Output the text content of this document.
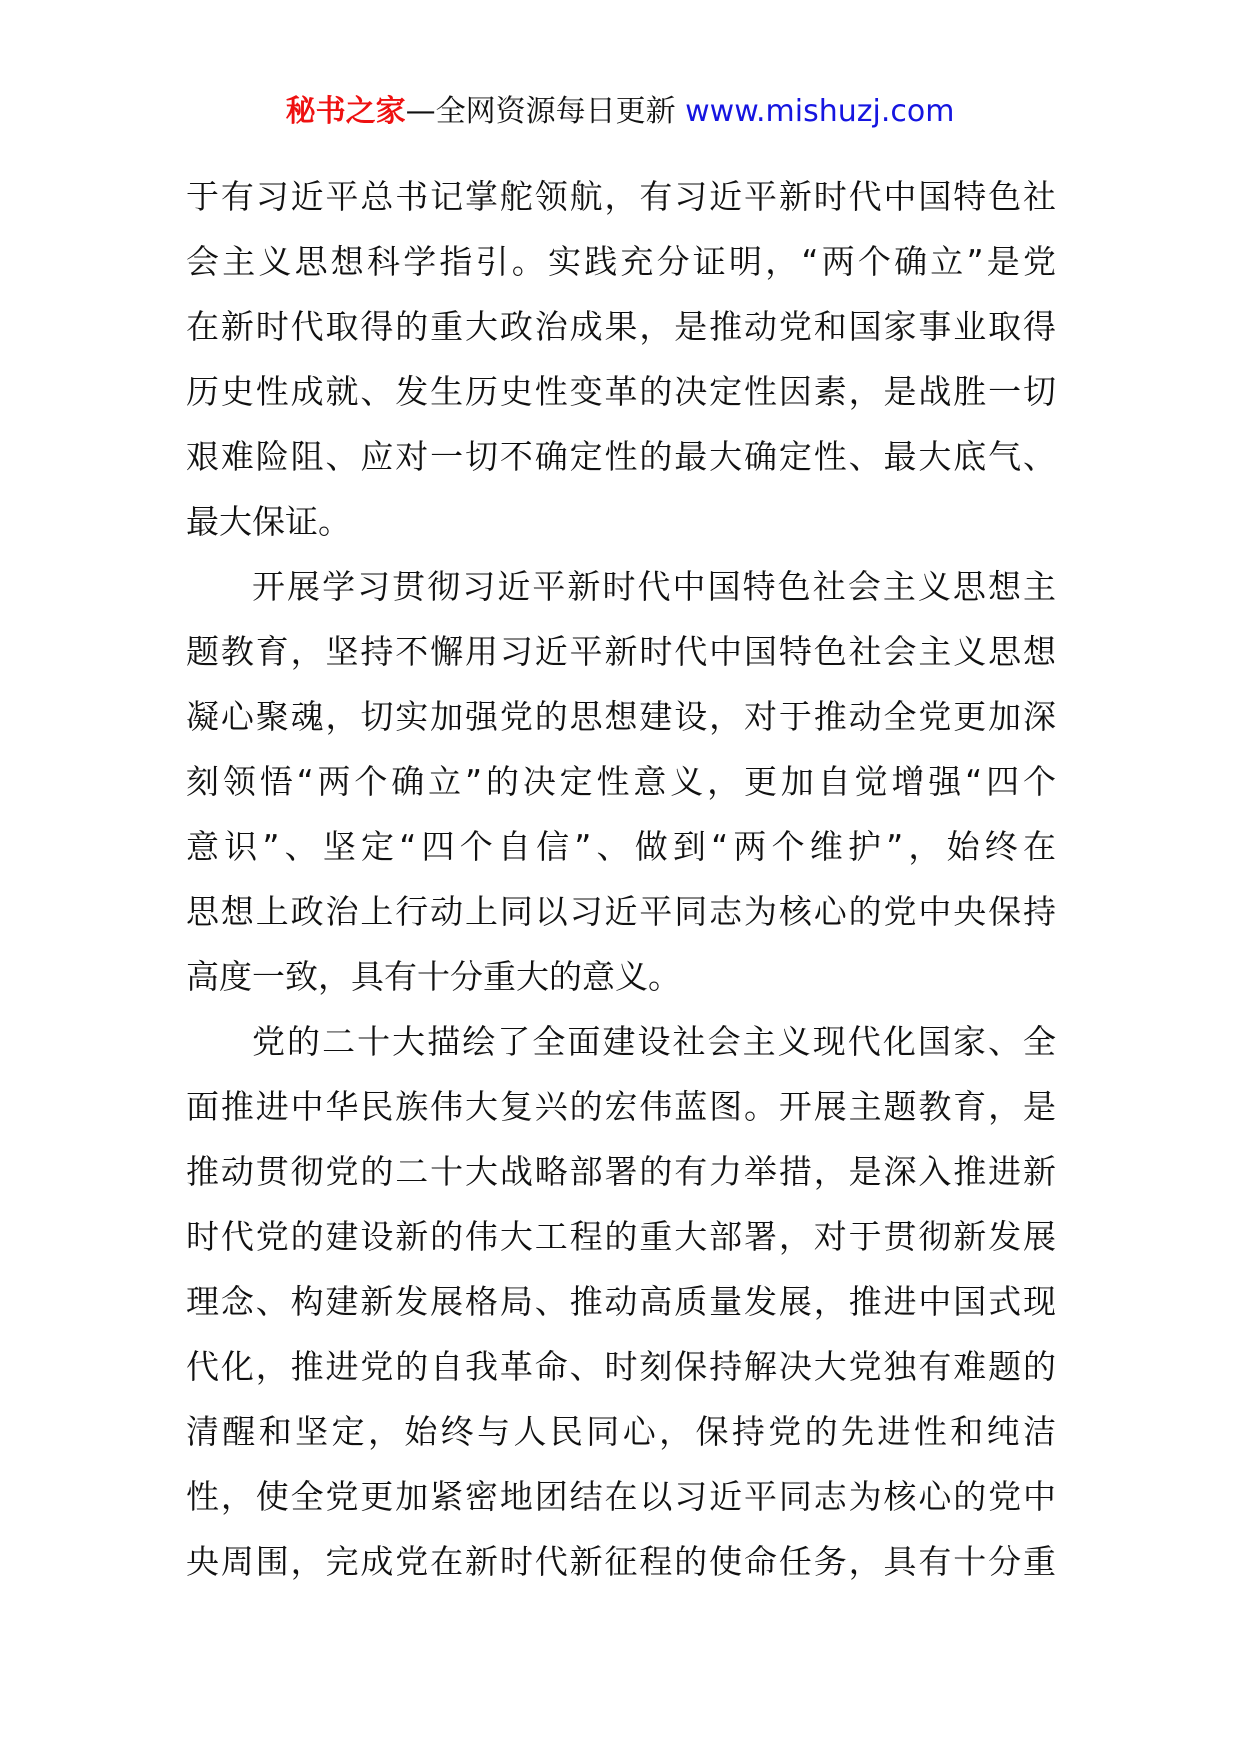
秘书之家—全网资源每日更新 www.mishuzj.com
于有习近平总书记掌舵领航，有习近平新时代中国特色社
会主义思想科学指引。实践充分证明，“两个确立”是党
在新时代取得的重大政治成果，是推动党和国家事业取得
历史性成就、发生历史性变革的决定性因素，是战胜一切
艰难险阻、应对一切不确定性的最大确定性、最大底气、
最大保证。
开展学习贯彻习近平新时代中国特色社会主义思想主
题教育，坚持不懈用习近平新时代中国特色社会主义思想
凝心聚魂，切实加强党的思想建设，对于推动全党更加深
刻领悟“两个确立”的决定性意义，更加自觉增强“四个
意识”、坚定“四个自信”、做到“两个维护”，始终在
思想上政治上行动上同以习近平同志为核心的党中央保持
高度一致，具有十分重大的意义。
党的二十大描绘了全面建设社会主义现代化国家、全
面推进中华民族伟大复兴的宏伟蓝图。开展主题教育，是
推动贯彻党的二十大战略部署的有力举措，是深入推进新
时代党的建设新的伟大工程的重大部署，对于贯彻新发展
理念、构建新发展格局、推动高质量发展，推进中国式现
代化，推进党的自我革命、时刻保持解决大党独有难题的
清醒和坚定，始终与人民同心，保持党的先进性和纯洁
性，使全党更加紧密地团结在以习近平同志为核心的党中
央周围，完成党在新时代新征程的使命任务，具有十分重
